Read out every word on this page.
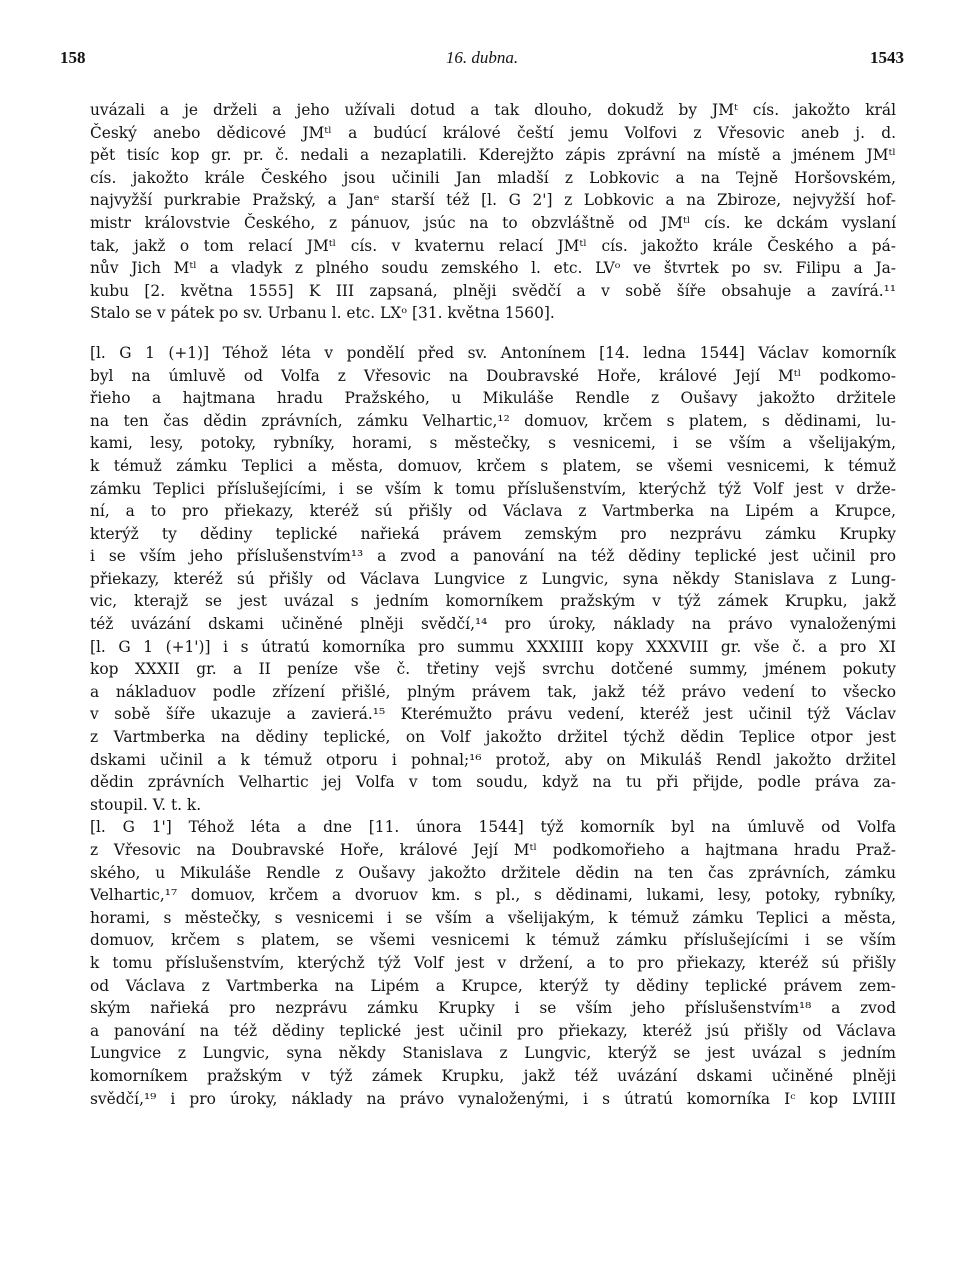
158	16. dubna.	1543
uvázali a je drželi a jeho užívali dotud a tak dlouho, dokudž by JMᵗ cís. jakožto král
Český anebo dědicové JMᵗˡ a budúcí králové čeští jemu Volfovi z Vřesovic aneb j. d.
pět tisíc kop gr. pr. č. nedali a nezaplatili. Kderejžto zápis zprávní na místě a jménem JMᵗˡ
cís. jakožto krále Českého jsou učinili Jan mladší z Lobkovic a na Tejně Horšovském,
najvyžší purkrabie Pražský, a Janᵉ starší též [l. G 2'] z Lobkovic a na Zbiroze, nejvyžší hof-
mistr královstvie Českého, z pánuov, jsúc na to obzvláštně od JMᵗˡ cís. ke dckám vyslaní
tak, jakž o tom relací JMᵗˡ cís. v kvaternu relací JMᵗˡ cís. jakožto krále Českého a pá-
nův Jich Mᵗˡ a vladyk z plného soudu zemského l. etc. LVᵒ ve štvrtek po sv. Filipu a Ja-
kubu [2. května 1555] K III zapsaná, plněji svědčí a v sobě šíře obsahuje a zavírá.¹¹
Stalo se v pátek po sv. Urbanu l. etc. LXᵒ [31. května 1560].
[l. G 1 (+1)] Téhož léta v pondělí před sv. Antonínem [14. ledna 1544] Václav komorník
byl na úmluvě od Volfa z Vřesovic na Doubravské Hoře, králové Její Mᵗˡ podkomo-
řieho a hajtmana hradu Pražského, u Mikuláše Rendle z Oušavy jakožto držitele
na ten čas dědin zprávních, zámku Velhartic,¹² domuov, krčem s platem, s dědinami, lu-
kami, lesy, potoky, rybníky, horami, s městečky, s vesnicemi, i se vším a všelijakým,
k témuž zámku Teplici a města, domuov, krčem s platem, se všemi vesnicemi, k témuž
zámku Teplici příslušejícími, i se vším k tomu příslušenstvím, kterýchž týž Volf jest v drže-
ní, a to pro přiekazy, kteréž sú přišly od Václava z Vartmberka na Lipém a Krupce,
kterýž ty dědiny teplické nařieká právem zemským pro nezprávu zámku Krupky
i se vším jeho příslušenstvím¹³ a zvod a panování na též dědiny teplické jest učinil pro
přiekazy, kteréž sú přišly od Václava Lungvice z Lungvic, syna někdy Stanislava z Lung-
vic, kterajž se jest uvázal s jedním komorníkem pražským v týž zámek Krupku, jakž
též uvázání dskami učiněné plněji svědčí,¹⁴ pro úroky, náklady na právo vynaloženými
[l. G 1 (+1')] i s útratú komorníka pro summu XXXIIII kopy XXXVIII gr. vše č. a pro XI
kop XXXII gr. a II peníze vše č. třetiny vejš svrchu dotčené summy, jménem pokuty
a nákladuov podle zřízení přišlé, plným právem tak, jakž též právo vedení to všecko
v sobě šíře ukazuje a zavierá.¹⁵ Kterémužto právu vedení, kteréž jest učinil týž Václav
z Vartmberka na dědiny teplické, on Volf jakožto držitel týchž dědin Teplice otpor jest
dskami učinil a k témuž otporu i pohnal;¹⁶ protož, aby on Mikuláš Rendl jakožto držitel
dědin zprávních Velhartic jej Volfa v tom soudu, když na tu při přijde, podle práva za-
stoupil. V. t. k.
[l. G 1'] Téhož léta a dne [11. února 1544] týž komorník byl na úmluvě od Volfa
z Vřesovic na Doubravské Hoře, králové Její Mᵗˡ podkomořieho a hajtmana hradu Praž-
ského, u Mikuláše Rendle z Oušavy jakožto držitele dědin na ten čas zprávních, zámku
Velhartic,¹⁷ domuov, krčem a dvoruov km. s pl., s dědinami, lukami, lesy, potoky, rybníky,
horami, s městečky, s vesnicemi i se vším a všelijakým, k témuž zámku Teplici a města,
domuov, krčem s platem, se všemi vesnicemi k témuž zámku příslušejícími i se vším
k tomu příslušenstvím, kterýchž týž Volf jest v držení, a to pro přiekazy, kteréž sú přišly
od Václava z Vartmberka na Lipém a Krupce, kterýž ty dědiny teplické právem zem-
ským nařieká pro nezprávu zámku Krupky i se vším jeho příslušenstvím¹⁸ a zvod
a panování na též dědiny teplické jest učinil pro přiekazy, kteréž jsú přišly od Václava
Lungvice z Lungvic, syna někdy Stanislava z Lungvic, kterýž se jest uvázal s jedním
komorníkem pražským v týž zámek Krupku, jakž též uvázání dskami učiněné plněji
svědčí,¹⁹ i pro úroky, náklady na právo vynaloženými, i s útratú komorníka Iᶜ kop LVIIII
